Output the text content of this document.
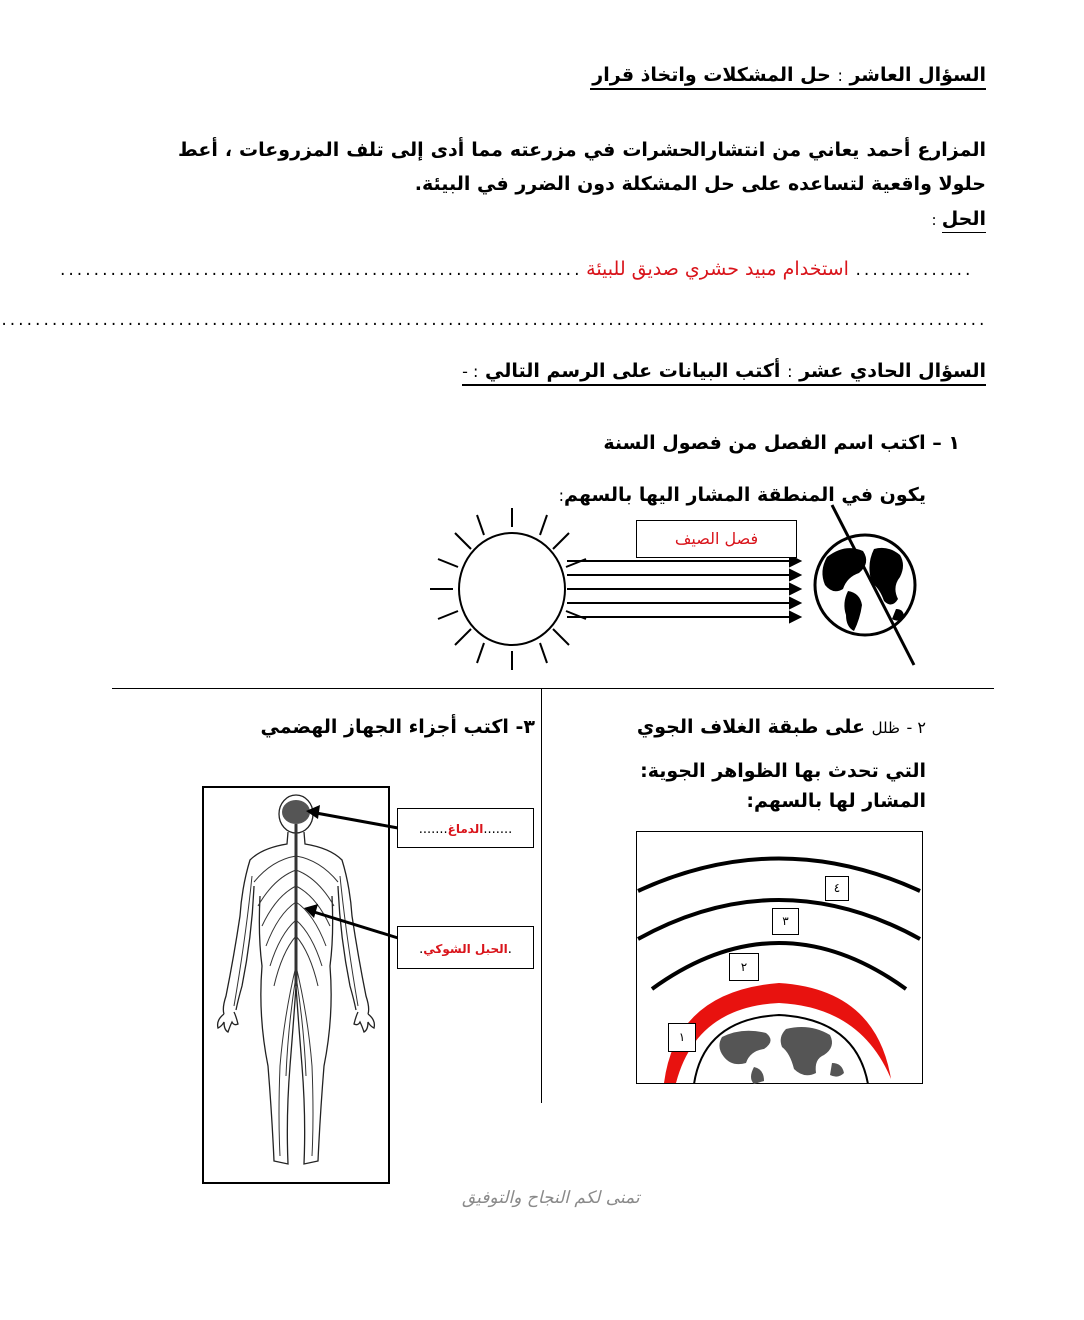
السؤال العاشر : حل المشكلات واتخاذ قرار
المزارع أحمد يعاني من انتشارالحشرات في مزرعته مما أدى إلى تلف المزروعات ، أعط حلولا واقعية لتساعده على حل المشكلة دون الضرر في البيئة.
الحل :
.............. استخدام مبيد حشري صديق للبيئة ..............................................................
.....................................................................................................................
السؤال الحادي عشر : أكتب البيانات على الرسم التالي : -
١ – اكتب اسم الفصل من فصول السنة
يكون في المنطقة المشار اليها بالسهم:
فصل الصيف
٢ - ظلل على طبقة الغلاف الجوي
التي تحدث بها الظواهر الجوية:
المشار لها بالسهم:
٤
٣
٢
١
٣- اكتب أجزاء الجهاز الهضمي
.......الدماغ.......
.الحبل الشوكي.
تمنى لكم النجاح والتوفيق
